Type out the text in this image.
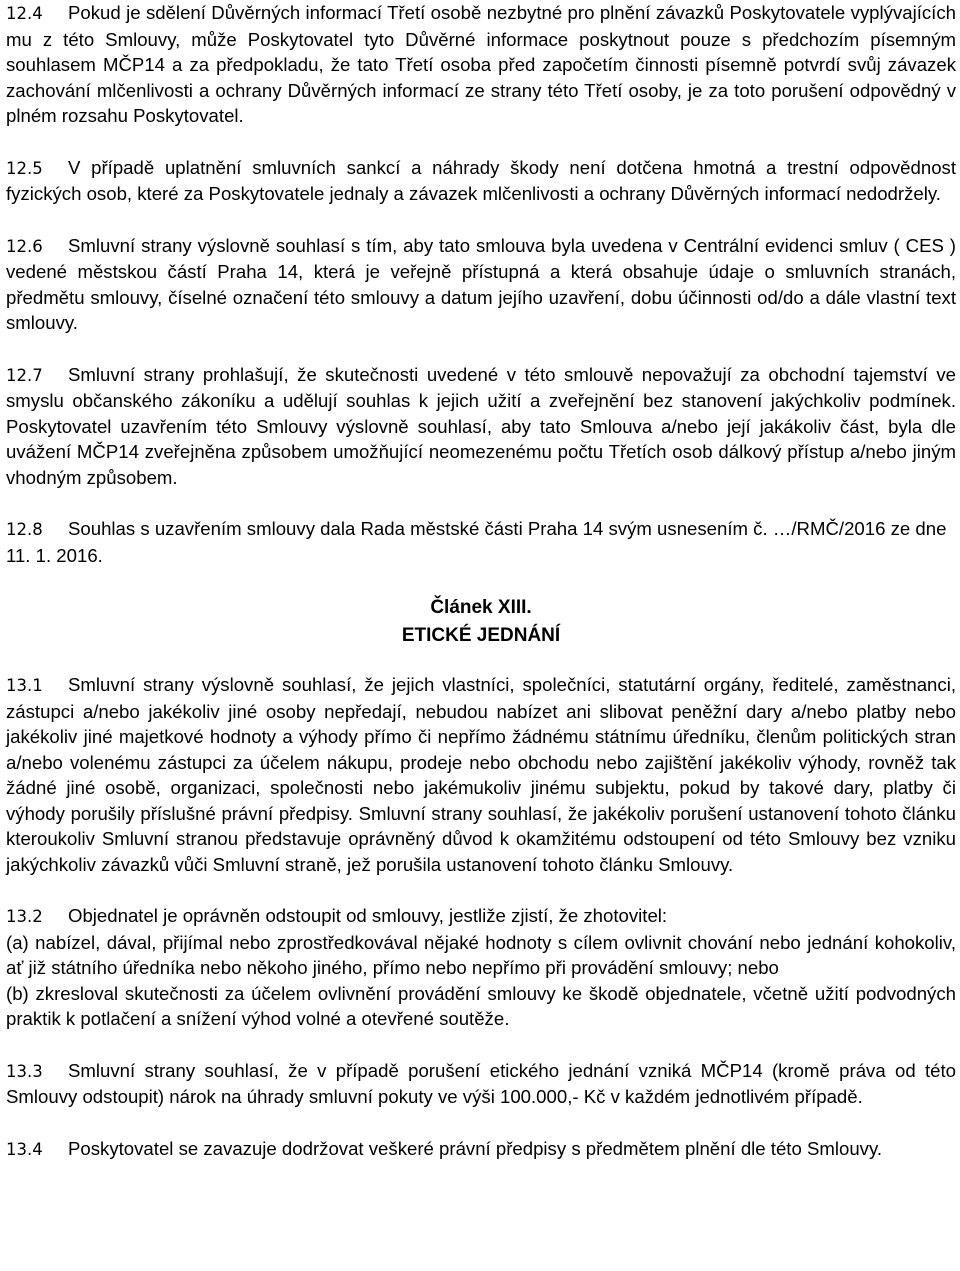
12.4 Pokud je sdělení Důvěrných informací Třetí osobě nezbytné pro plnění závazků Poskytovatele vyplývajících mu z této Smlouvy, může Poskytovatel tyto Důvěrné informace poskytnout pouze s předchozím písemným souhlasem MČP14 a za předpokladu, že tato Třetí osoba před započetím činnosti písemně potvrdí svůj závazek zachování mlčenlivosti a ochrany Důvěrných informací ze strany této Třetí osoby, je za toto porušení odpovědný v plném rozsahu Poskytovatel.

12.5 V případě uplatnění smluvních sankcí a náhrady škody není dotčena hmotná a trestní odpovědnost fyzických osob, které za Poskytovatele jednaly a závazek mlčenlivosti a ochrany Důvěrných informací nedodržely.

12.6 Smluvní strany výslovně souhlasí s tím, aby tato smlouva byla uvedena v Centrální evidenci smluv ( CES ) vedené městskou částí Praha 14, která je veřejně přístupná a která obsahuje údaje o smluvních stranách, předmětu smlouvy, číselné označení této smlouvy a datum jejího uzavření, dobu účinnosti od/do a dále vlastní text smlouvy.

12.7 Smluvní strany prohlašují, že skutečnosti uvedené v této smlouvě nepovažují za obchodní tajemství ve smyslu občanského zákoníku a udělují souhlas k jejich užití a zveřejnění bez stanovení jakýchkoliv podmínek. Poskytovatel uzavřením této Smlouvy výslovně souhlasí, aby tato Smlouva a/nebo její jakákoliv část, byla dle uvážení MČP14 zveřejněna způsobem umožňující neomezenému počtu Třetích osob dálkový přístup a/nebo jiným vhodným způsobem.

12.8 Souhlas s uzavřením smlouvy dala Rada městské části Praha 14 svým usnesením č. …/RMČ/2016 ze dne 11. 1. 2016.

Článek XIII.

ETICKÉ JEDNÁNÍ

13.1 Smluvní strany výslovně souhlasí, že jejich vlastníci, společníci, statutární orgány, ředitelé, zaměstnanci, zástupci a/nebo jakékoliv jiné osoby nepředají, nebudou nabízet ani slibovat peněžní dary a/nebo platby nebo jakékoliv jiné majetkové hodnoty a výhody přímo či nepřímo žádnému státnímu úředníku, členům politických stran a/nebo volenému zástupci za účelem nákupu, prodeje nebo obchodu nebo zajištění jakékoliv výhody, rovněž tak žádné jiné osobě, organizaci, společnosti nebo jakémukoliv jinému subjektu, pokud by takové dary, platby či výhody porušily příslušné právní předpisy. Smluvní strany souhlasí, že jakékoliv porušení ustanovení tohoto článku kteroukoliv Smluvní stranou představuje oprávněný důvod k okamžitému odstoupení od této Smlouvy bez vzniku jakýchkoliv závazků vůči Smluvní straně, jež porušila ustanovení tohoto článku Smlouvy.

13.2 Objednatel je oprávněn odstoupit od smlouvy, jestliže zjistí, že zhotovitel:

(a) nabízel, dával, přijímal nebo zprostředkovával nějaké hodnoty s cílem ovlivnit chování nebo jednání kohokoliv, ať již státního úředníka nebo někoho jiného, přímo nebo nepřímo při provádění smlouvy; nebo

(b) zkresloval skutečnosti za účelem ovlivnění provádění smlouvy ke škodě objednatele, včetně užití podvodných praktik k potlačení a snížení výhod volné a otevřené soutěže.

13.3 Smluvní strany souhlasí, že v případě porušení etického jednání vzniká MČP14 (kromě práva od této Smlouvy odstoupit) nárok na úhrady smluvní pokuty ve výši 100.000,- Kč v každém jednotlivém případě.

13.4 Poskytovatel se zavazuje dodržovat veškeré právní předpisy s předmětem plnění dle této Smlouvy.
